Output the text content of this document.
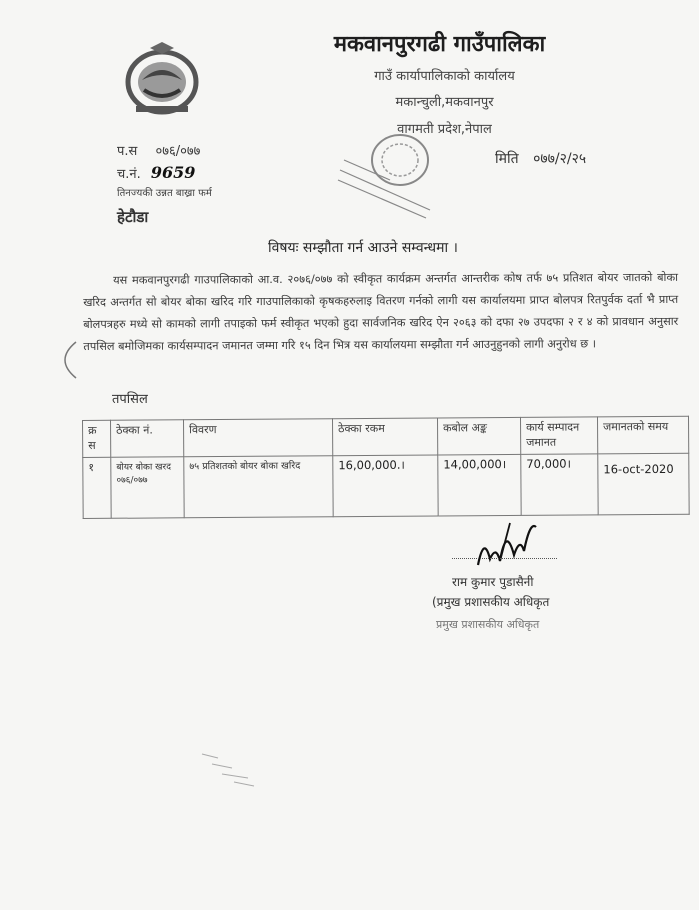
मकवानपुरगढी गाउँपालिका
गाउँ कार्यापालिकाको कार्यालय
मकान्चुली,मकवानपुर
वागमती प्रदेश,नेपाल
प.स ०७६/०७७
च.नं. 9659
तिनज्यकी उन्नत बाख्रा फर्म
हेटौडा
मिति ०७७/२/२५
विषयः सम्झौता गर्न आउने सम्वन्धमा ।
यस मकवानपुरगढी गाउपालिकाको आ.व. २०७६/०७७ को स्वीकृत कार्यक्रम अन्तर्गत आन्तरीक कोष तर्फ ७५ प्रतिशत बोयर जातको बोका खरिद अन्तर्गत सो बोयर बोका खरिद गरि गाउपालिकाको कृषकहरुलाइ वितरण गर्नको लागी यस कार्यालयमा प्राप्त बोलपत्र रितपुर्वक दर्ता भै प्राप्त बोलपत्रहरु मध्ये सो कामको लागी तपाइको फर्म स्वीकृत भएको हुदा सार्वजनिक खरिद ऐन २०६३ को दफा २७ उपदफा २ र ४ को प्रावधान अनुसार तपसिल बमोजिमका कार्यसम्पादन जमानत जम्मा गरि १५ दिन भित्र यस कार्यालयमा सम्झौता गर्न आउनुहुनको लागी अनुरोध छ ।
तपसिल
क्र स	ठेक्का नं.	विवरण	ठेक्का रकम	कबोल अङ्क	कार्य सम्पादन जमानत	जमानतको समय
१	बोयर बोका खरद ०७६/०७७	७५ प्रतिशतको बोयर बोका खरिद	16,00,000.।	14,00,000।	70,000।	16-oct-2020
राम कुमार पुडासैनी
(प्रमुख प्रशासकीय अधिकृत
प्रमुख प्रशासकीय अधिकृत
